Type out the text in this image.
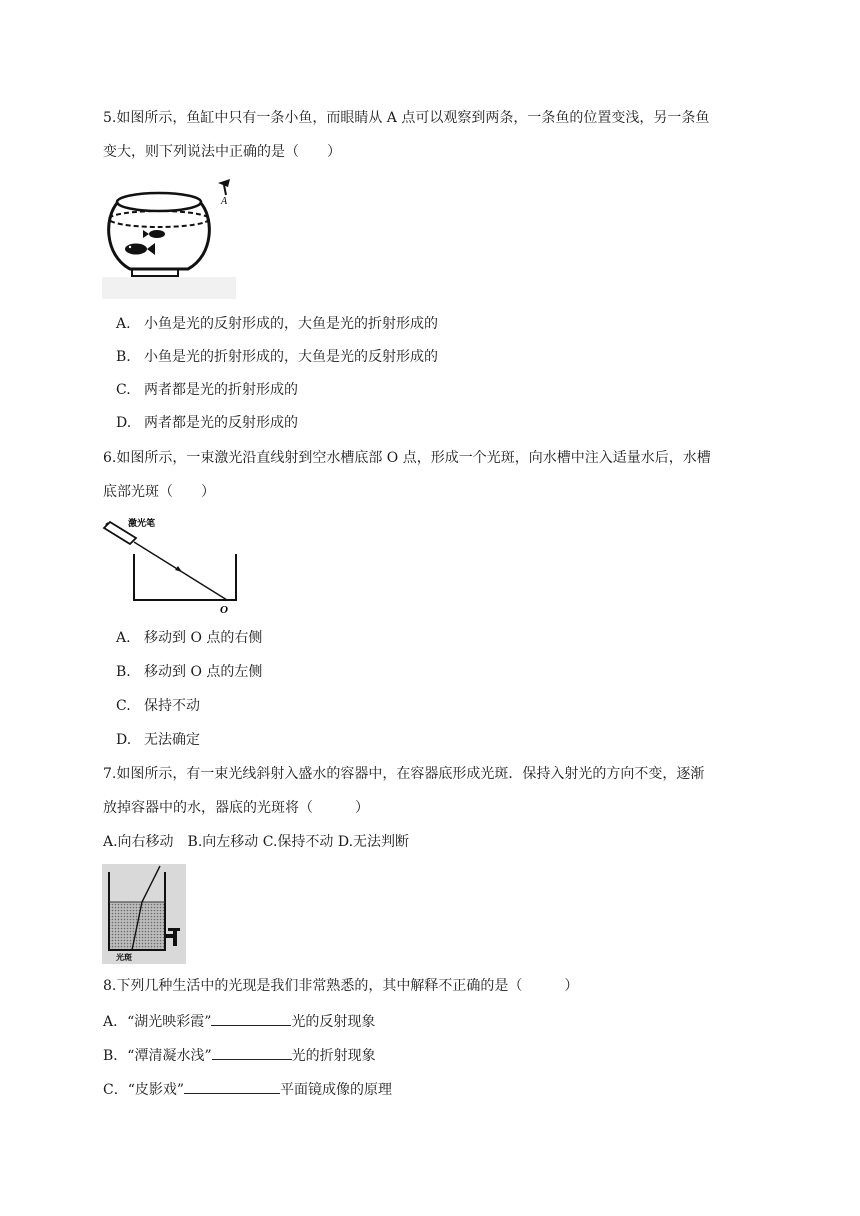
5.如图所示，鱼缸中只有一条小鱼，而眼睛从 A 点可以观察到两条，一条鱼的位置变浅，另一条鱼
变大，则下列说法中正确的是（　　）
A
A. 小鱼是光的反射形成的，大鱼是光的折射形成的
B. 小鱼是光的折射形成的，大鱼是光的反射形成的
C. 两者都是光的折射形成的
D. 两者都是光的反射形成的
6.如图所示，一束激光沿直线射到空水槽底部 O 点，形成一个光斑，向水槽中注入适量水后，水槽
底部光斑（　　）
激光笔
O
A. 移动到 O 点的右侧
B. 移动到 O 点的左侧
C. 保持不动
D. 无法确定
7.如图所示，有一束光线斜射入盛水的容器中，在容器底形成光斑．保持入射光的方向不变，逐渐
放掉容器中的水，器底的光斑将（　　　）
A.向右移动　B.向左移动 C.保持不动 D.无法判断
光斑
8.下列几种生活中的光现是我们非常熟悉的，其中解释不正确的是（　　　）
A．“湖光映彩霞”	光的反射现象
B．“潭清凝水浅”	光的折射现象
C．“皮影戏”	平面镜成像的原理
